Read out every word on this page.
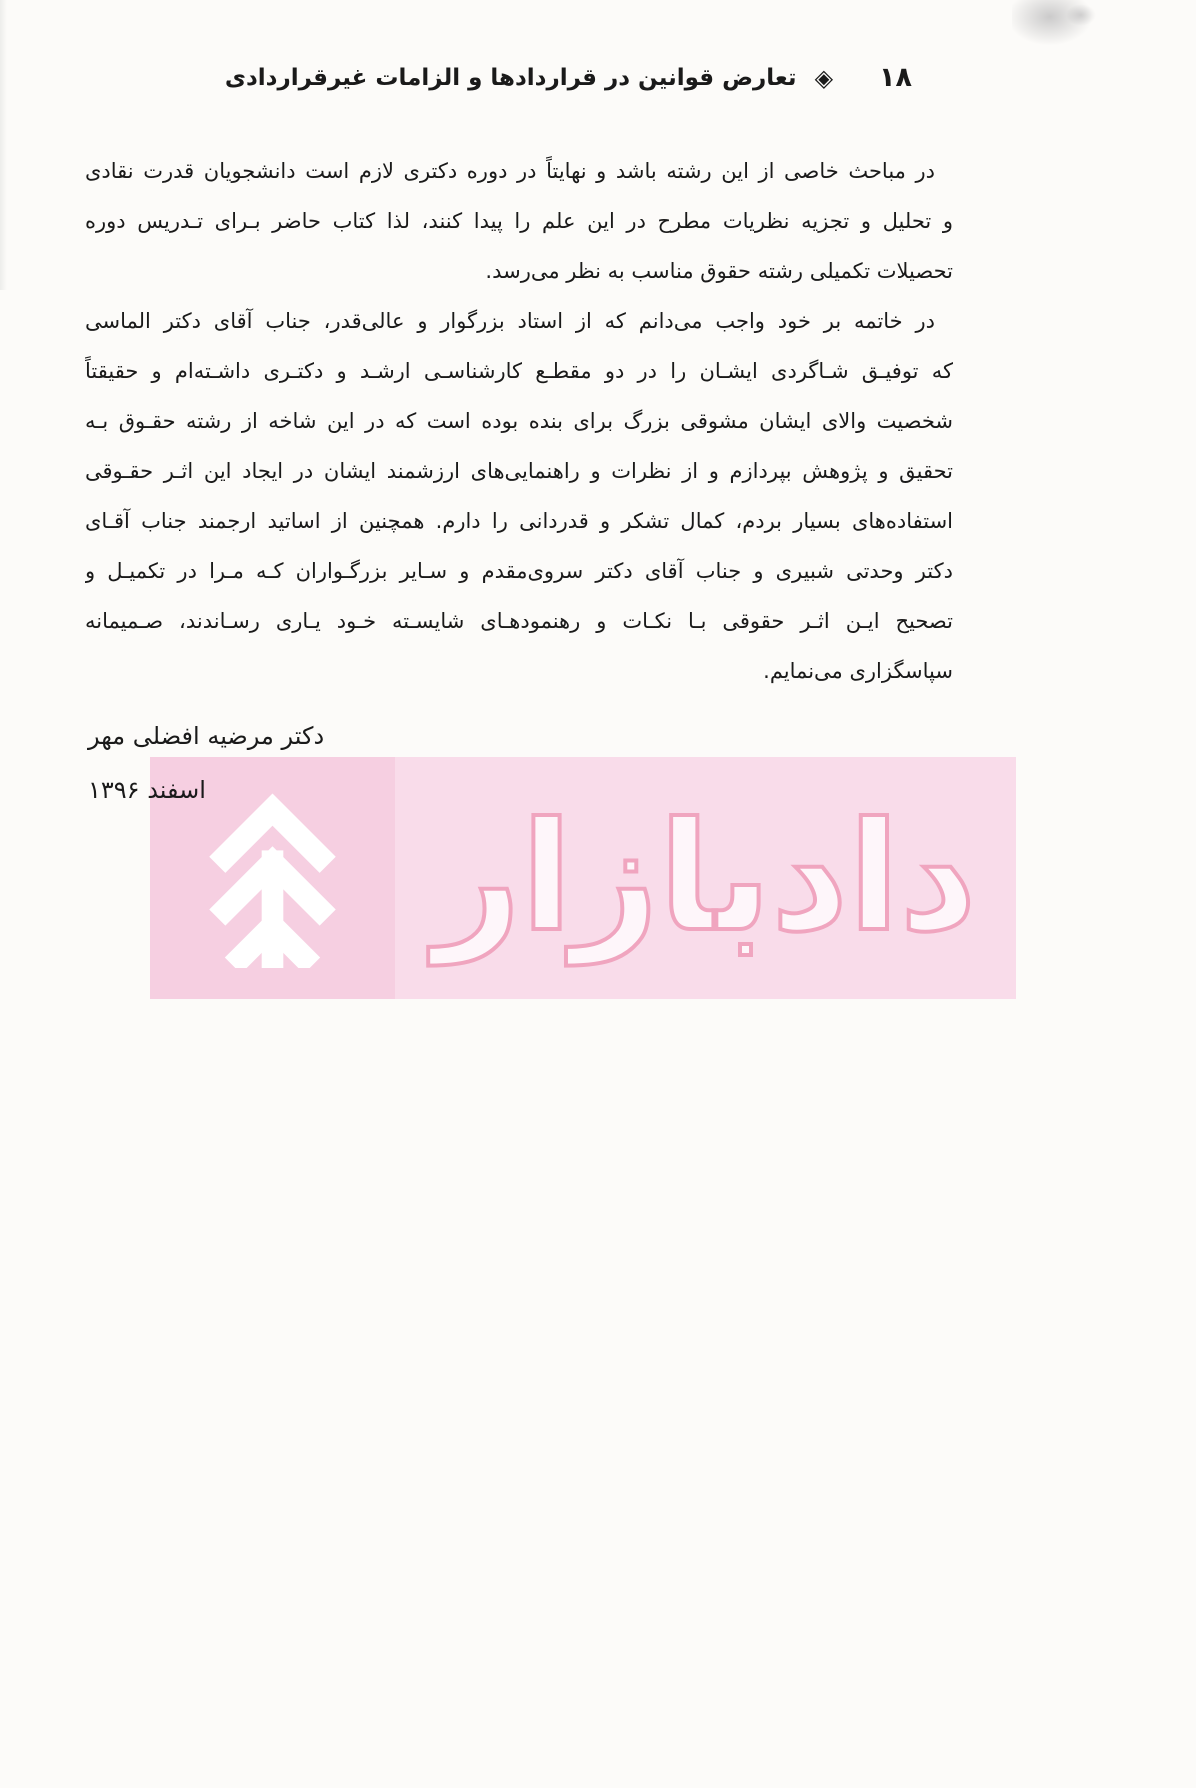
۱۸
◈
تعارض قوانین در قراردادها و الزامات غیرقراردادی
در مباحث خاصی از این رشته باشد و نهایتاً در دوره دکتری لازم است دانشجویان قدرت نقادی
و تحلیل و تجزیه نظریات مطرح در این علم را پیدا کنند، لذا کتاب حاضر بـرای تـدریس دوره
تحصیلات تکمیلی رشته حقوق مناسب به نظر می‌رسد.
در خاتمه بر خود واجب می‌دانم که از استاد بزرگوار و عالی‌قدر، جناب آقای دکتر الماسی
که توفیـق شـاگردی ایشـان را در دو مقطـع کارشناسـی ارشـد و دکتـری داشـته‌ام و حقیقتاً
شخصیت والای ایشان مشوقی بزرگ برای بنده بوده است که در این شاخه از رشته حقـوق بـه
تحقیق و پژوهش بپردازم و از نظرات و راهنمایی‌های ارزشمند ایشان در ایجاد این اثـر حقـوقی
استفاده‌های بسیار بردم، کمال تشکر و قدردانی را دارم. همچنین از اساتید ارجمند جناب آقـای
دکتر وحدتی شبیری و جناب آقای دکتر سروی‌مقدم و سـایر بزرگـواران کـه مـرا در تکمیـل و
تصحیح ایـن اثـر حقوقی بـا نکـات و رهنمودهـای شایسـته خـود یـاری رسـاندند، صـمیمانه
سپاسگزاری می‌نمایم.
دکتر مرضیه افضلی مهر
اسفند ۱۳۹۶
دادبازار
